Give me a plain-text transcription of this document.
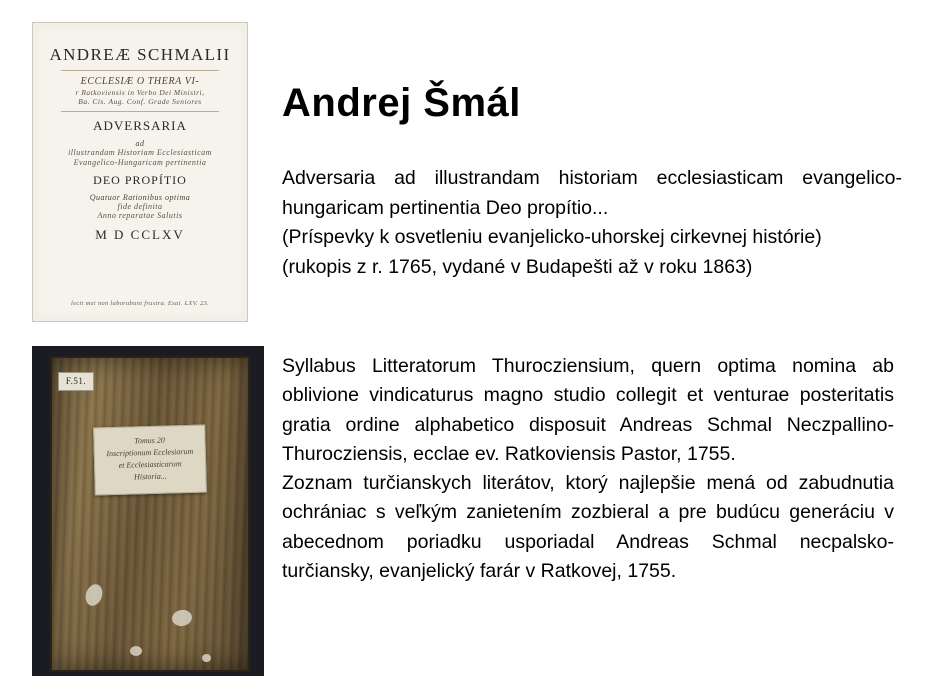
ANDREÆ SCHMALII
ECCLESIÆ O THERA VI-
r Ratkoviensis in Verbo Dei Ministri,
Ba. Cis. Aug. Conf. Grade Seniores
ADVERSARIA
ad
illustrandam Historiam Ecclesiasticam
Evangelico-Hungaricam pertinentia
DEO PROPÍTIO
Quatuor Rationibus optima
fide definita
Anno reparatae Salutis
M D CCLXV
lecti mei non laborabunt frustra. Esai. LXV. 23.
F.51.
Tomus 20
Inscriptionum Ecclesiarum
et Ecclesiasticarum
Historia...
Andrej Šmál

Adversaria ad illustrandam historiam ecclesiasticam evangelico-hungaricam pertinentia Deo propítio...

(Príspevky k osvetleniu evanjelicko-uhorskej cirkevnej histórie)

(rukopis z r. 1765, vydané v Budapešti až v roku 1863)

Syllabus Litteratorum Thurocziensium, quern optima nomina ab oblivione vindicaturus magno studio collegit et venturae posteritatis gratia ordine alphabetico disposuit Andreas Schmal Neczpallino-Thurocziensis, ecclae ev. Ratkoviensis Pastor, 1755.

Zoznam turčianskych literátov, ktorý najlepšie mená od zabudnutia ochrániac s veľkým zanietením zozbieral a pre budúcu generáciu v abecednom poriadku usporiadal Andreas Schmal necpalsko-turčiansky, evanjelický farár v Ratkovej, 1755.
